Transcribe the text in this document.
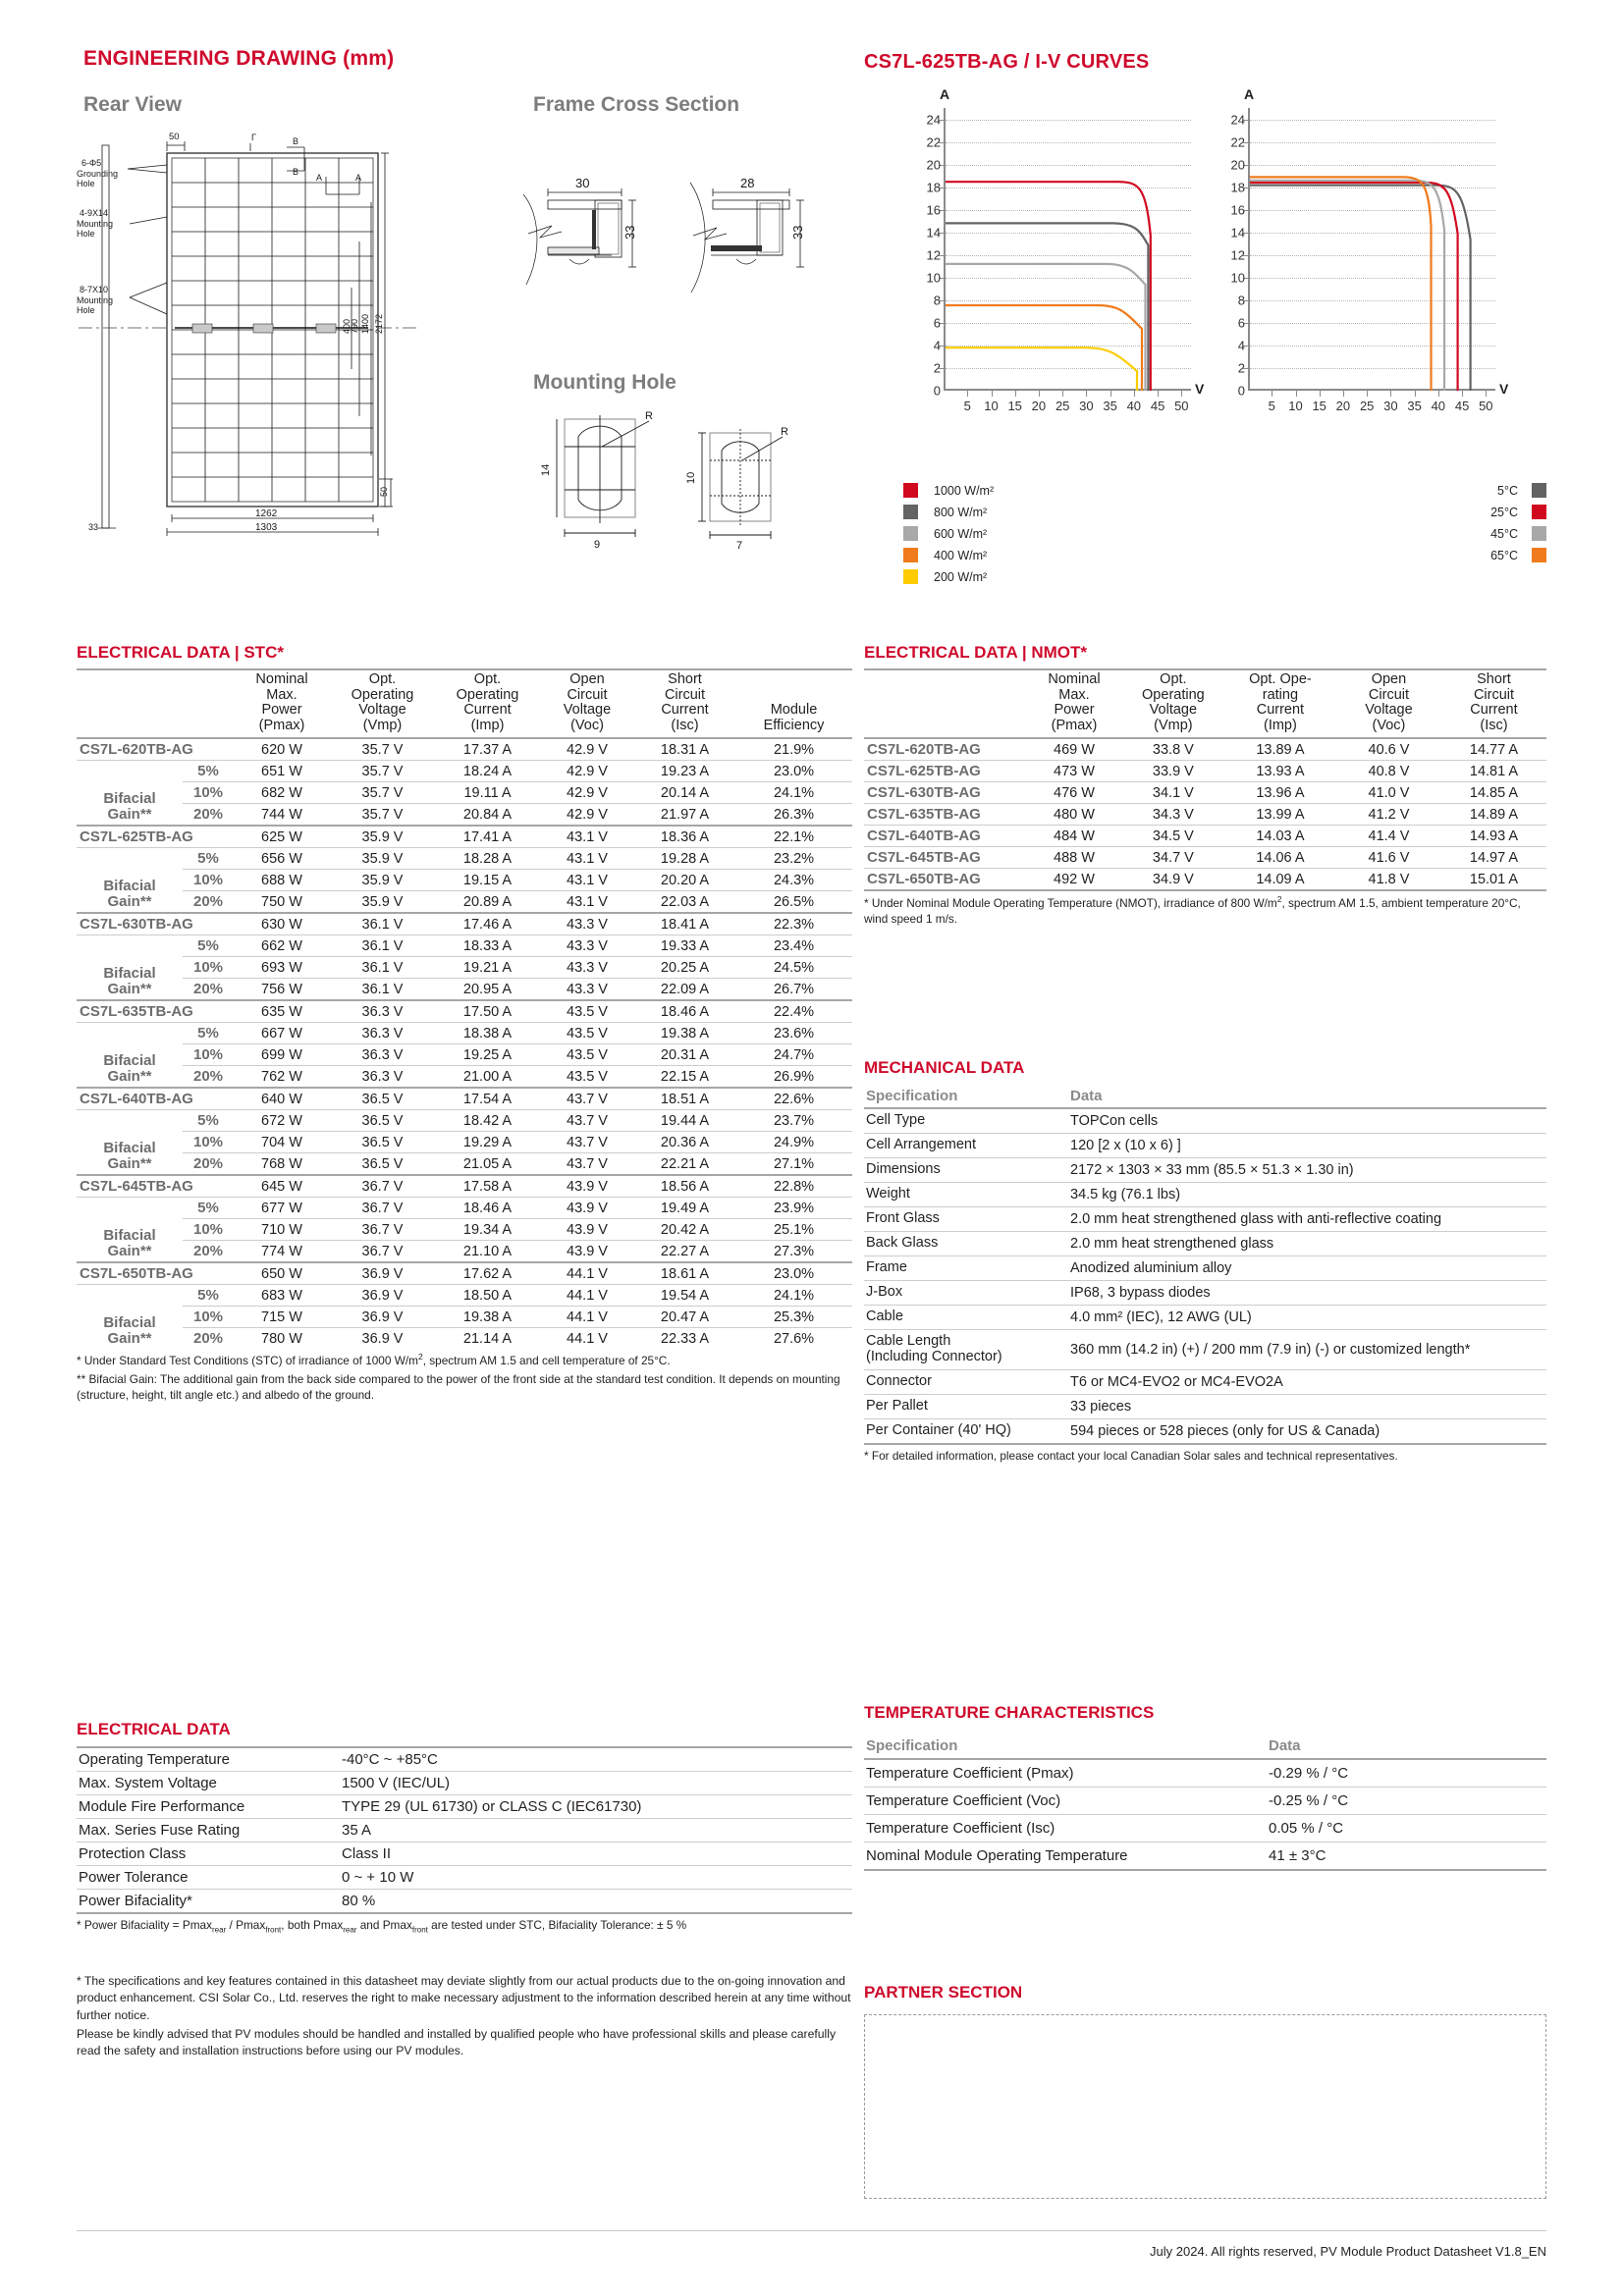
ENGINEERING DRAWING (mm)
Rear View	Frame Cross Section
Mounting Hole
50
6-Φ5
Grounding
Hole
4-9X14
Mounting
Hole
8-7X10
Mounting
Hole
Γ	B
B
A	A
400
790 1400 2172
50
1262
1303
33
30
33
28
33
14
9
10
7
R
R
CS7L-625TB-AG / I-V CURVES
A
24
22
20
18
16
14
12
10
8
6
4
2
0
5 10 15 20 25 30 35 40 45 50
V
A
24
22
20
18
16
14
12
10
8
6
4
2
0
5 10 15 20 25 30 35 40 45 50
V
1000 W/m²
800 W/m²
600 W/m²
400 W/m²
200 W/m²
5°C
25°C
45°C
65°C
ELECTRICAL DATA | STC*

Nominal
Max.
Power
(Pmax)

Opt.
Operating
Voltage
(Vmp)

Opt.
Operating
Current
(Imp)

Open
Circuit
Voltage
(Voc)

Short
Circuit
Current
(Isc)

Module
Efficiency

CS7L-620TB-AG		620 W	35.7 V	17.37 A	42.9 V	18.31 A	21.9%

Bifacial
Gain**	5%	651 W	35.7 V	18.24 A	42.9 V	19.23 A	23.0%
	10%	682 W	35.7 V	19.11 A	42.9 V	20.14 A	24.1%
	20%	744 W	35.7 V	20.84 A	42.9 V	21.97 A	26.3%
CS7L-625TB-AG		625 W	35.9 V	17.41 A	43.1 V	18.36 A	22.1%

Bifacial
Gain**	5%	656 W	35.9 V	18.28 A	43.1 V	19.28 A	23.2%
	10%	688 W	35.9 V	19.15 A	43.1 V	20.20 A	24.3%
	20%	750 W	35.9 V	20.89 A	43.1 V	22.03 A	26.5%
CS7L-630TB-AG		630 W	36.1 V	17.46 A	43.3 V	18.41 A	22.3%

Bifacial
Gain**	5%	662 W	36.1 V	18.33 A	43.3 V	19.33 A	23.4%
	10%	693 W	36.1 V	19.21 A	43.3 V	20.25 A	24.5%
	20%	756 W	36.1 V	20.95 A	43.3 V	22.09 A	26.7%
CS7L-635TB-AG		635 W	36.3 V	17.50 A	43.5 V	18.46 A	22.4%

Bifacial
Gain**	5%	667 W	36.3 V	18.38 A	43.5 V	19.38 A	23.6%
	10%	699 W	36.3 V	19.25 A	43.5 V	20.31 A	24.7%
	20%	762 W	36.3 V	21.00 A	43.5 V	22.15 A	26.9%
CS7L-640TB-AG		640 W	36.5 V	17.54 A	43.7 V	18.51 A	22.6%

Bifacial
Gain**	5%	672 W	36.5 V	18.42 A	43.7 V	19.44 A	23.7%
	10%	704 W	36.5 V	19.29 A	43.7 V	20.36 A	24.9%
	20%	768 W	36.5 V	21.05 A	43.7 V	22.21 A	27.1%
CS7L-645TB-AG		645 W	36.7 V	17.58 A	43.9 V	18.56 A	22.8%

Bifacial
Gain**	5%	677 W	36.7 V	18.46 A	43.9 V	19.49 A	23.9%
	10%	710 W	36.7 V	19.34 A	43.9 V	20.42 A	25.1%
	20%	774 W	36.7 V	21.10 A	43.9 V	22.27 A	27.3%
CS7L-650TB-AG		650 W	36.9 V	17.62 A	44.1 V	18.61 A	23.0%

Bifacial
Gain**	5%	683 W	36.9 V	18.50 A	44.1 V	19.54 A	24.1%
	10%	715 W	36.9 V	19.38 A	44.1 V	20.47 A	25.3%
	20%	780 W	36.9 V	21.14 A	44.1 V	22.33 A	27.6%
* Under Standard Test Conditions (STC) of irradiance of 1000 $W/m^2$, spectrum AM 1.5 and cell temperature of 25°C.
** Bifacial Gain: The additional gain from the back side compared to the power of the front side at the standard test condition. It depends on mounting (structure, height, tilt angle etc.) and albedo of the ground.
ELECTRICAL DATA | NMOT*

Nominal
Max.
Power
(Pmax)

Opt.
Operating
Voltage
(Vmp)

Opt. Ope-
rating
Current
(Imp)

Open
Circuit
Voltage
(Voc)

Short
Circuit
Current
(Isc)

CS7L-620TB-AG	469 W	33.8 V	13.89 A	40.6 V	14.77 A
CS7L-625TB-AG	473 W	33.9 V	13.93 A	40.8 V	14.81 A
CS7L-630TB-AG	476 W	34.1 V	13.96 A	41.0 V	14.85 A
CS7L-635TB-AG	480 W	34.3 V	13.99 A	41.2 V	14.89 A
CS7L-640TB-AG	484 W	34.5 V	14.03 A	41.4 V	14.93 A
CS7L-645TB-AG	488 W	34.7 V	14.06 A	41.6 V	14.97 A
CS7L-650TB-AG	492 W	34.9 V	14.09 A	41.8 V	15.01 A
* Under Nominal Module Operating Temperature (NMOT), irradiance of 800 $W/m^2$, spectrum AM 1.5, ambient temperature 20°C, wind speed 1 m/s.
MECHANICAL DATA
Specification	Data

Cell Type	TOPCon cells

Cell Arrangement	120 [2 x (10 x 6) ]

Dimensions	2172 × 1303 × 33 mm (85.5 × 51.3 × 1.30 in)

Weight	34.5 kg (76.1 lbs)

Front Glass	2.0 mm heat strengthened glass with anti-reflective coating

Back Glass	2.0 mm heat strengthened glass

Frame	Anodized aluminium alloy

J-Box	IP68, 3 bypass diodes

Cable	4.0 mm² (IEC), 12 AWG (UL)

Cable Length
(Including Connector)	360 mm (14.2 in) (+) / 200 mm (7.9 in) (-) or customized length*

Connector	T6 or MC4-EVO2 or MC4-EVO2A

Per Pallet	33 pieces

Per Container (40' HQ)	594 pieces or 528 pieces (only for US & Canada)
* For detailed information, please contact your local Canadian Solar sales and technical representatives.
ELECTRICAL DATA
Operating Temperature	-40°C ~ +85°C
Max. System Voltage	1500 V (IEC/UL)
Module Fire Performance	TYPE 29 (UL 61730) or CLASS C (IEC61730)
Max. Series Fuse Rating	35 A
Protection Class	Class II
Power Tolerance	0 ~ + 10 W
Power Bifaciality*	80 %
* Power Bifaciality = Pmax$_{rear}$ / Pmax$_{front}$, both Pmax$_{rear}$ and Pmax$_{front}$ are tested under STC, Bifaciality Tolerance: ± 5 %
TEMPERATURE CHARACTERISTICS
Specification	Data
Temperature Coefficient (Pmax)	-0.29 % / °C
Temperature Coefficient (Voc)	-0.25 % / °C
Temperature Coefficient (Isc)	0.05 % / °C
Nominal Module Operating Temperature	41 ± 3°C

* The specifications and key features contained in this datasheet may deviate slightly from our actual products due to the on-going innovation and product enhancement. CSI Solar Co., Ltd. reserves the right to make necessary adjustment to the information described herein at any time without further notice.

Please be kindly advised that PV modules should be handled and installed by qualified people who have professional skills and please carefully read the safety and installation instructions before using our PV modules.

PARTNER SECTION
July 2024. All rights reserved, PV Module Product Datasheet V1.8_EN
